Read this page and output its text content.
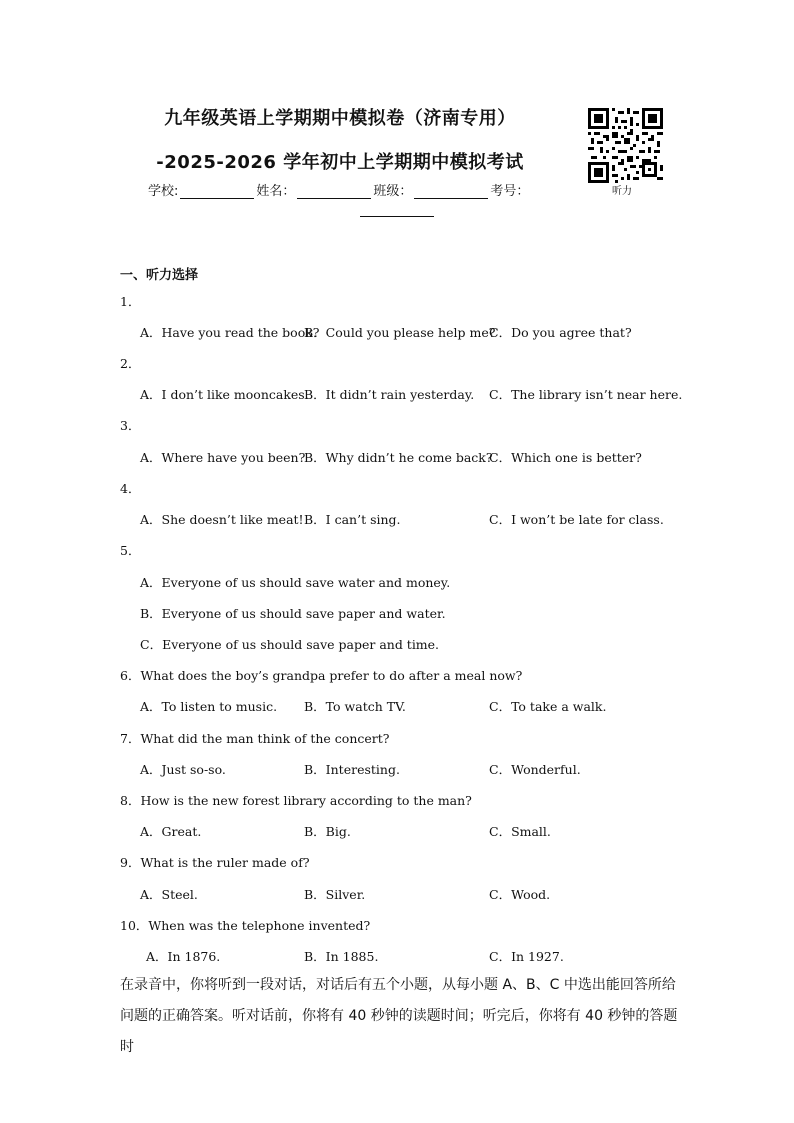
九年级英语上学期期中模拟卷（济南专用）
-2025-2026 学年初中上学期期中模拟考试
学校:	姓名：	班级：	考号：	听力
一、听力选择
1．
A．Have you read the book?
B．Could you please help me?
C．Do you agree that?
2．
A．I don’t like mooncakes.
B．It didn’t rain yesterday. C．The library isn’t near here.
3．
A．Where have you been?
B．Why didn’t he come back?
C．Which one is better?
4．
A．She doesn’t like meat! B．I can’t sing.	C．I won’t be late for class.
5．
A．Everyone of us should save water and money.
B．Everyone of us should save paper and water.
C．Everyone of us should save paper and time.
6．What does the boy’s grandpa prefer to do after a meal now?
A．To listen to music. B．To watch TV.	C．To take a walk.
7．What did the man think of the concert?
A．Just so-so.	B．Interesting.	C．Wonderful.
8．How is the new forest library according to the man?
A．Great.	B．Big.	C．Small.
9．What is the ruler made of?
A．Steel.	B．Silver.	C．Wood.
10．When was the telephone invented?
A．In 1876.	B．In 1885.	C．In 1927.
在录音中，你将听到一段对话，对话后有五个小题，从每小题 A、B、C 中选出能回答所给问题的正确答案。听对话前，你将有 40 秒钟的读题时间；听完后，你将有 40 秒钟的答题时
